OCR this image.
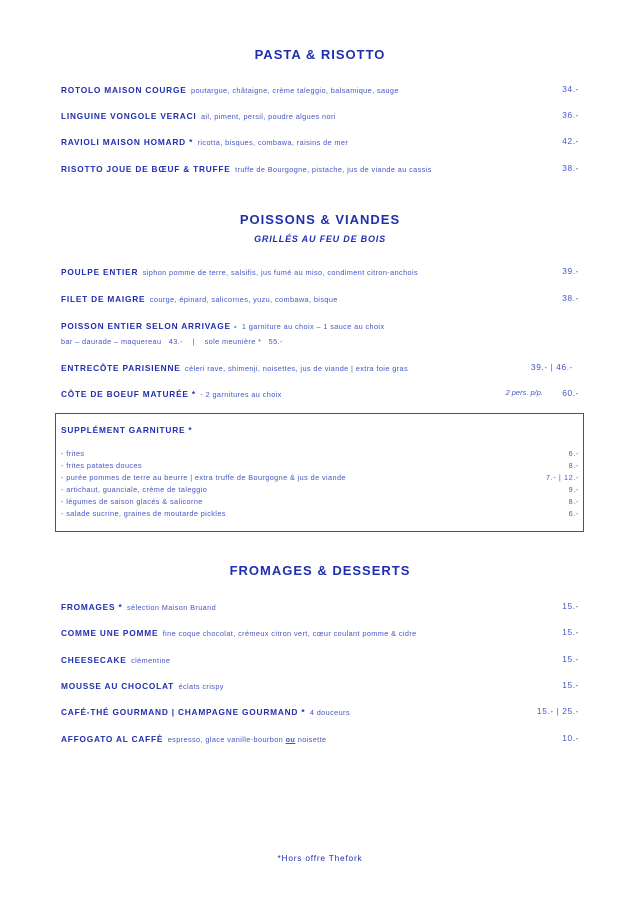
PASTA & RISOTTO
ROTOLO MAISON COURGE poutargue, châtaigne, crème taleggio, balsamique, sauge	34.-
LINGUINE VONGOLE VERACI ail, piment, persil, poudre algues nori	36.-
RAVIOLI MAISON HOMARD * ricotta, bisques, combawa, raisins de mer	42.-
RISOTTO JOUE DE BŒUF & TRUFFE truffe de Bourgogne, pistache, jus de viande au cassis	38.-
POISSONS & VIANDES
GRILLÉS AU FEU DE BOIS
POULPE ENTIER siphon pomme de terre, salsifis, jus fumé au miso, condiment citron-anchois	39.-
FILET DE MAIGRE courge, épinard, salicornes, yuzu, combawa, bisque	38.-
POISSON ENTIER SELON ARRIVAGE - 1 garniture au choix – 1 sauce au choix
bar – daurade – maquereau   43.-    |    sole meunière *   55.-
ENTRECÔTE PARISIENNE céleri rave, shimenji, noisettes, jus de viande | extra foie gras	39.- | 46.-
CÔTE DE BOEUF MATURÉE * - 2 garnitures au choix	2 pers. p/p. 60.-
SUPPLÉMENT GARNITURE *
- frites	6.-
- frites patates douces	8.-
- purée pommes de terre au beurre | extra truffe de Bourgogne & jus de viande	7.- | 12.-
- artichaut, guanciale, crème de taleggio	9.-
- légumes de saison glacés & salicorne	8.-
- salade sucrine, graines de moutarde pickles	6.-
FROMAGES & DESSERTS
FROMAGES * sélection Maison Bruand	15.-
COMME UNE POMME fine coque chocolat, crémeux citron vert, cœur coulant pomme & cidre	15.-
CHEESECAKE clémentine	15.-
MOUSSE AU CHOCOLAT éclats crispy	15.-
CAFÉ-THÉ GOURMAND | CHAMPAGNE GOURMAND * 4 douceurs	15.- | 25.-
AFFOGATO AL CAFFÈ espresso, glace vanille-bourbon ou noisette	10.-
*Hors offre Thefork
